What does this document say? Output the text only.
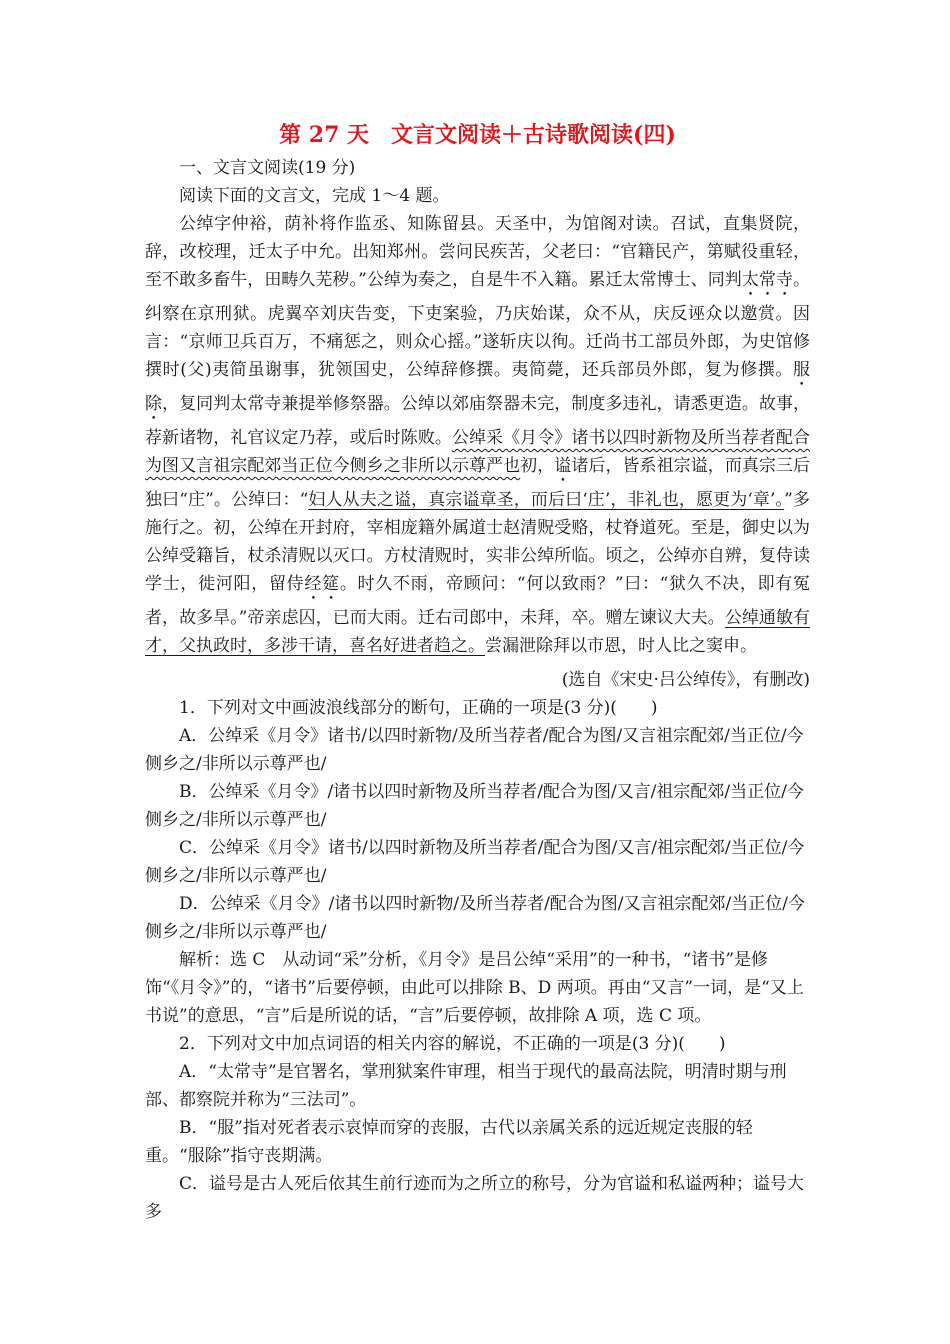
第 27 天　文言文阅读＋古诗歌阅读(四)

一、文言文阅读(19 分)

阅读下面的文言文，完成 1～4 题。

公绰字仲裕，荫补将作监丞、知陈留县。天圣中，为馆阁对读。召试，直集贤院，辞，改校理，迁太子中允。出知郑州。尝问民疾苦，父老曰：“官籍民产，第赋役重轻，至不敢多畜牛，田畴久芜秽。”公绰为奏之，自是牛不入籍。累迁太常博士、同判太常寺。纠察在京刑狱。虎翼卒刘庆告变，下吏案验，乃庆始谋，众不从，庆反诬众以邀赏。因言：“京师卫兵百万，不痛惩之，则众心摇。”遂斩庆以徇。迁尚书工部员外郎，为史馆修撰时(父)夷简虽谢事，犹领国史，公绰辞修撰。夷简薨，还兵部员外郎，复为修撰。服除，复同判太常寺兼提举修祭器。公绰以郊庙祭器未完，制度多违礼，请悉更造。故事，荐新诸物，礼官议定乃荐，或后时陈败。公绰采《月令》诸书以四时新物及所当荐者配合为图又言祖宗配郊当正位今侧乡之非所以示尊严也初，谥诸后，皆系祖宗谥，而真宗三后独曰“庄”。公绰曰：“妇人从夫之谥，真宗谥章圣，而后曰‘庄’，非礼也，愿更为‘章’。”多施行之。初，公绰在开封府，宰相庞籍外属道士赵清贶受赂，杖脊道死。至是，御史以为公绰受籍旨，杖杀清贶以灭口。方杖清贶时，实非公绰所临。顷之，公绰亦自辨，复侍读学士，徙河阳，留侍经筵。时久不雨，帝顾问：“何以致雨？”曰：“狱久不决，即有冤者，故多旱。”帝亲虑囚，已而大雨。迁右司郎中，未拜，卒。赠左谏议大夫。公绰通敏有才，父执政时，多涉干请，喜名好进者趋之。尝漏泄除拜以市恩，时人比之窦申。

(选自《宋史·吕公绰传》，有删改)

1．下列对文中画波浪线部分的断句，正确的一项是(3 分)(　　)

A．公绰采《月令》诸书/以四时新物/及所当荐者/配合为图/又言祖宗配郊/当正位/今侧乡之/非所以示尊严也/

B．公绰采《月令》/诸书以四时新物及所当荐者/配合为图/又言/祖宗配郊/当正位/今侧乡之/非所以示尊严也/

C．公绰采《月令》诸书/以四时新物及所当荐者/配合为图/又言/祖宗配郊/当正位/今侧乡之/非所以示尊严也/

D．公绰采《月令》/诸书以四时新物/及所当荐者/配合为图/又言祖宗配郊/当正位/今侧乡之/非所以示尊严也/

解析：选 C　从动词“采”分析，《月令》是吕公绰“采用”的一种书，“诸书”是修饰“《月令》”的，“诸书”后要停顿，由此可以排除 B、D 两项。再由“又言”一词，是“又上书说”的意思，“言”后是所说的话，“言”后要停顿，故排除 A 项，选 C 项。

2．下列对文中加点词语的相关内容的解说，不正确的一项是(3 分)(　　)

A．“太常寺”是官署名，掌刑狱案件审理，相当于现代的最高法院，明清时期与刑部、都察院并称为“三法司”。

B．“服”指对死者表示哀悼而穿的丧服，古代以亲属关系的远近规定丧服的轻重。“服除”指守丧期满。

C．谥号是古人死后依其生前行迹而为之所立的称号，分为官谥和私谥两种；谥号大多
